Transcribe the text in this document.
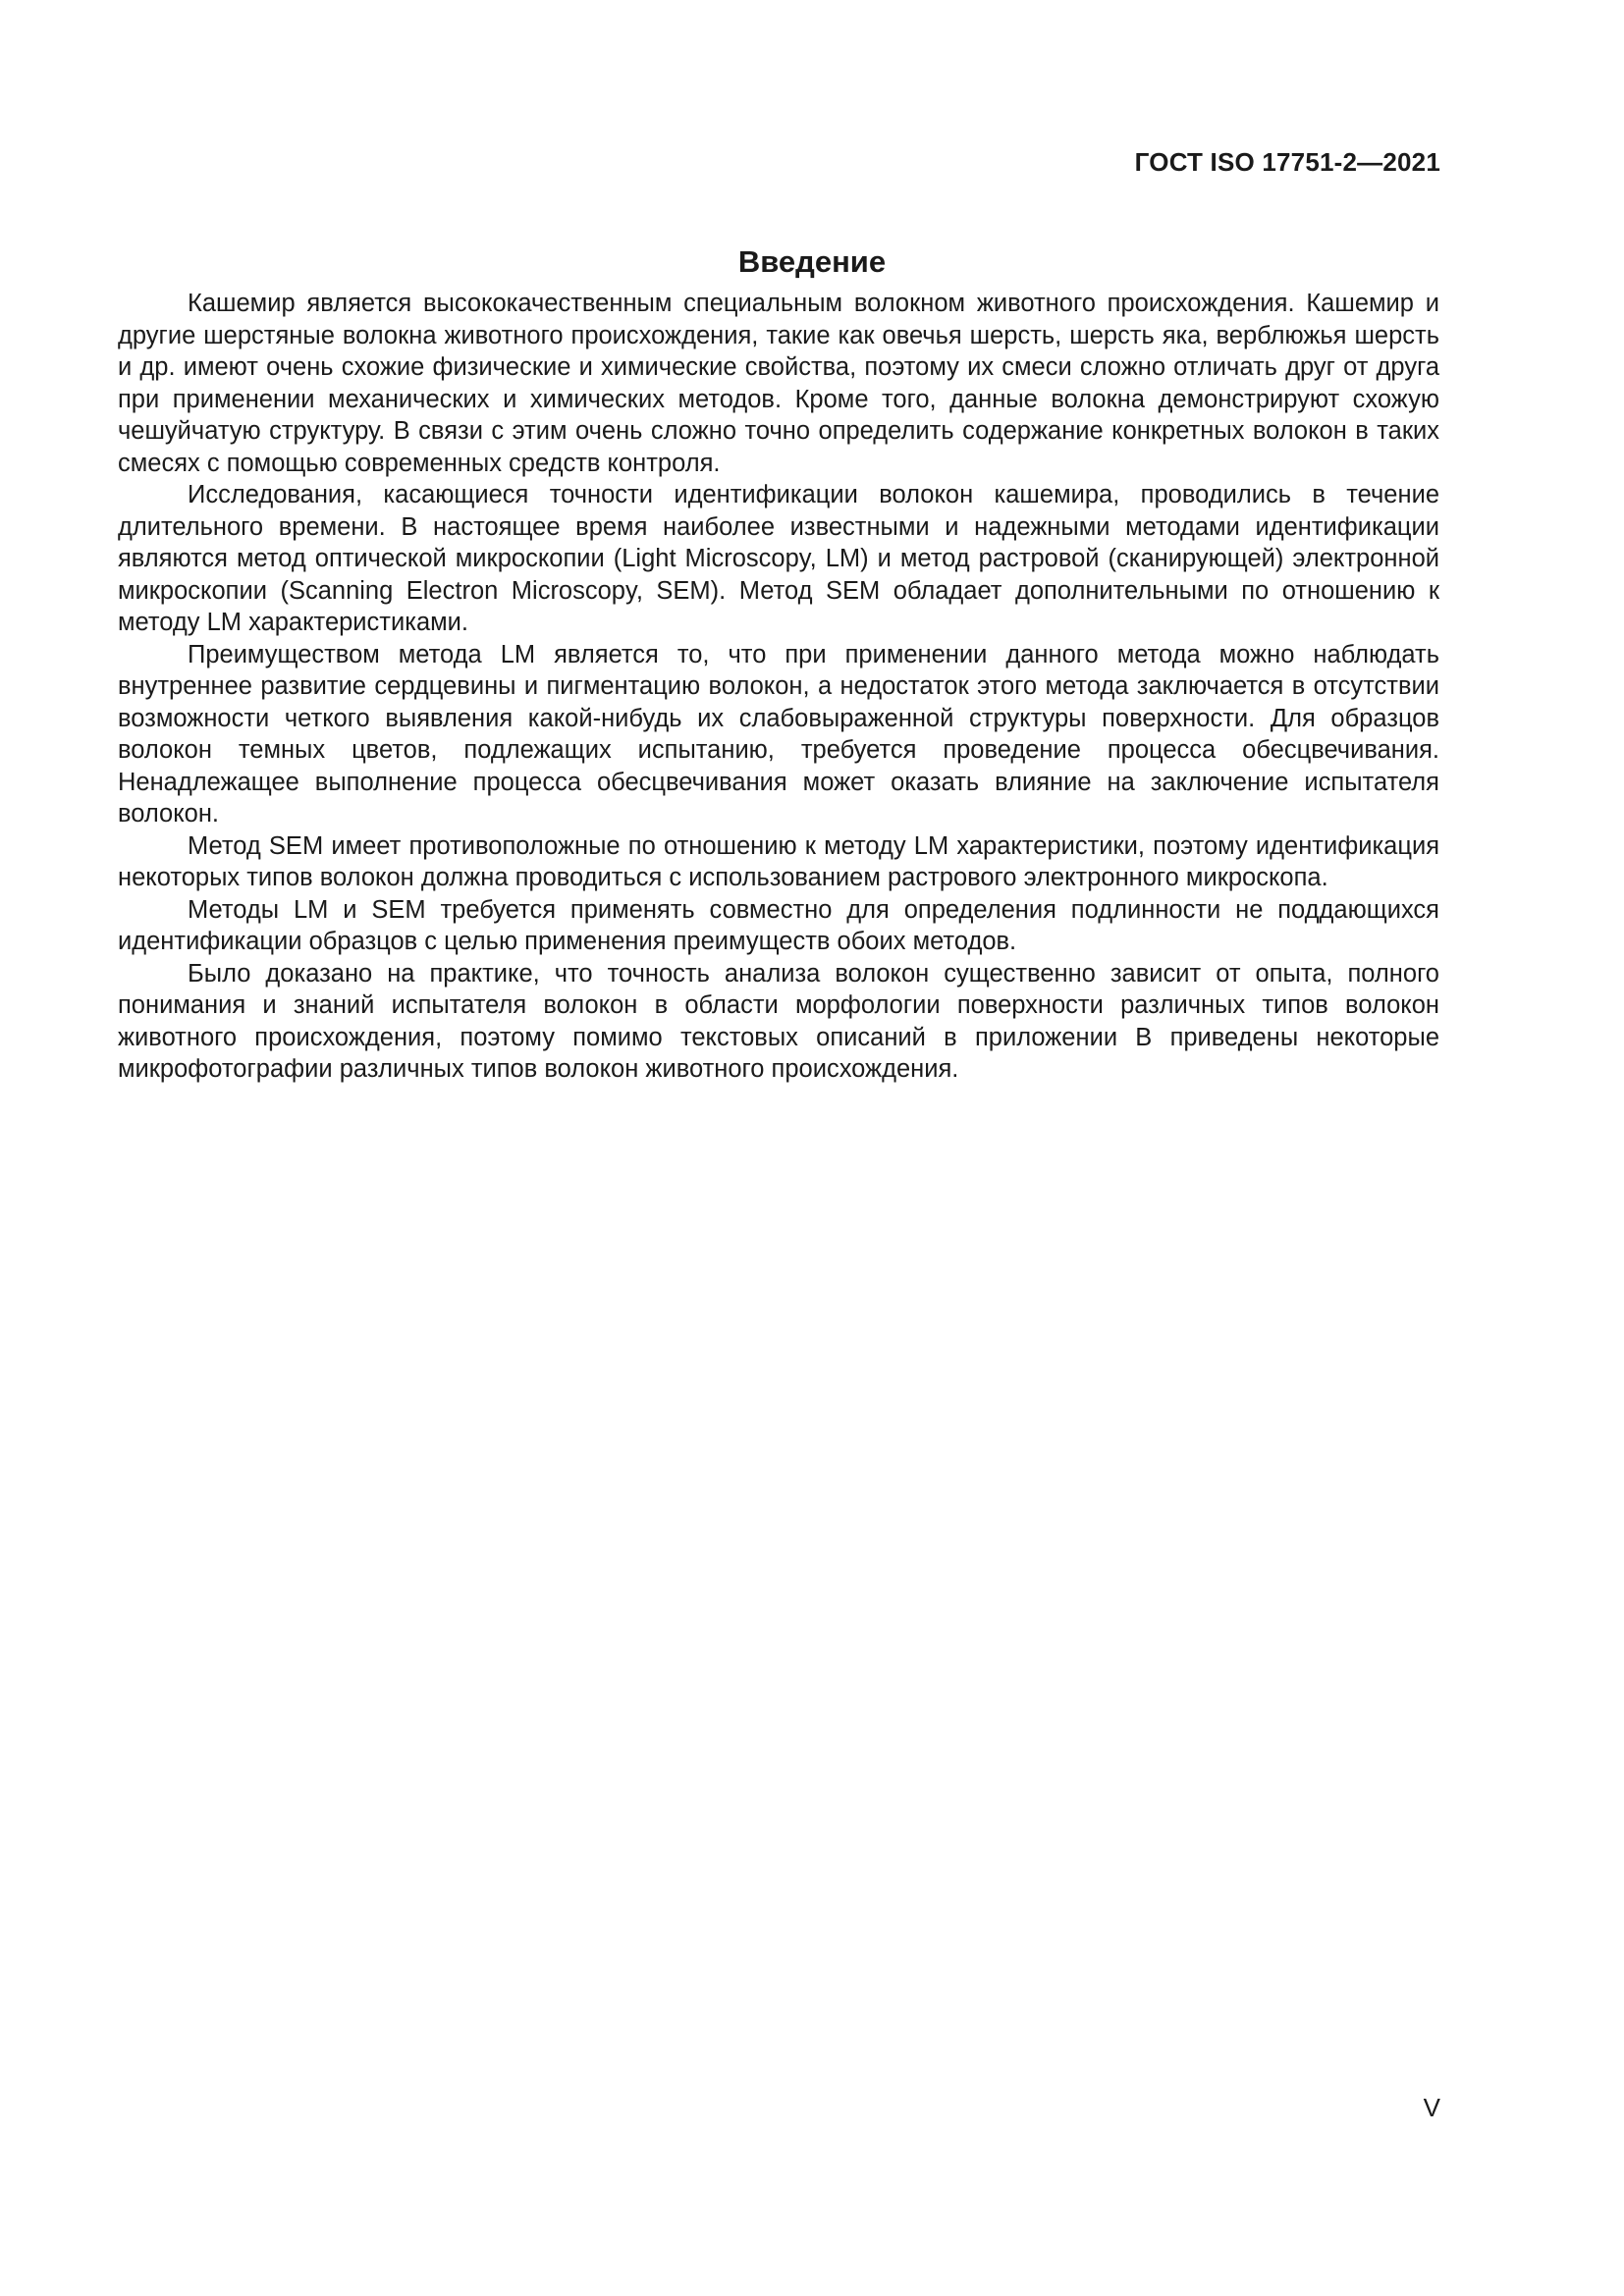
ГОСТ ISO 17751-2—2021
Введение

Кашемир является высококачественным специальным волокном животного происхождения. Кашемир и другие шерстяные волокна животного происхождения, такие как овечья шерсть, шерсть яка, верблюжья шерсть и др. имеют очень схожие физические и химические свойства, поэтому их смеси сложно отличать друг от друга при применении механических и химических методов. Кроме того, данные волокна демонстрируют схожую чешуйчатую структуру. В связи с этим очень сложно точно определить содержание конкретных волокон в таких смесях с помощью современных средств контроля.

Исследования, касающиеся точности идентификации волокон кашемира, проводились в течение длительного времени. В настоящее время наиболее известными и надежными методами идентификации являются метод оптической микроскопии (Light Microscopy, LM) и метод растровой (сканирующей) электронной микроскопии (Scanning Electron Microscopy, SEM). Метод SEM обладает дополнительными по отношению к методу LM характеристиками.

Преимуществом метода LM является то, что при применении данного метода можно наблюдать внутреннее развитие сердцевины и пигментацию волокон, а недостаток этого метода заключается в отсутствии возможности четкого выявления какой-нибудь их слабовыраженной структуры поверхности. Для образцов волокон темных цветов, подлежащих испытанию, требуется проведение процесса обесцвечивания. Ненадлежащее выполнение процесса обесцвечивания может оказать влияние на заключение испытателя волокон.

Метод SEM имеет противоположные по отношению к методу LM характеристики, поэтому идентификация некоторых типов волокон должна проводиться с использованием растрового электронного микроскопа.

Методы LM и SEM требуется применять совместно для определения подлинности не поддающихся идентификации образцов с целью применения преимуществ обоих методов.

Было доказано на практике, что точность анализа волокон существенно зависит от опыта, полного понимания и знаний испытателя волокон в области морфологии поверхности различных типов волокон животного происхождения, поэтому помимо текстовых описаний в приложении В приведены некоторые микрофотографии различных типов волокон животного происхождения.

V
